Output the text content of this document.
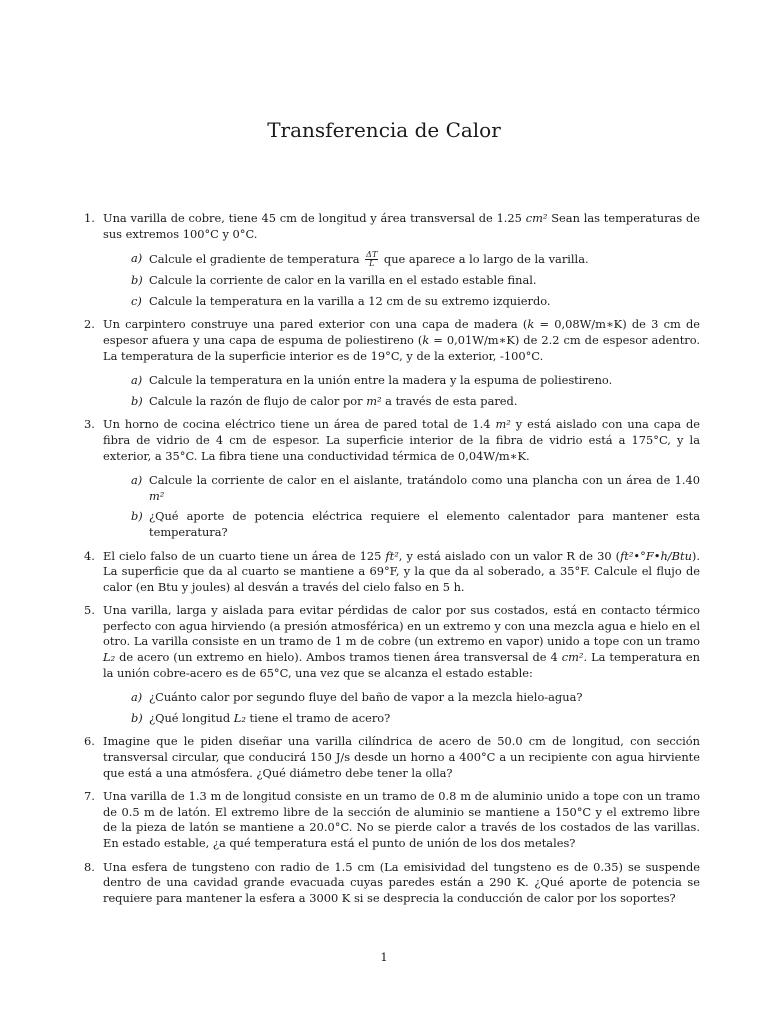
Transferencia de Calor
1. Una varilla de cobre, tiene 45 cm de longitud y área transversal de 1.25 cm² Sean las temperaturas de sus extremos 100°C y 0°C.
a) Calcule el gradiente de temperatura $\frac{\Delta T}{L}$ que aparece a lo largo de la varilla.
b) Calcule la corriente de calor en la varilla en el estado estable final.
c) Calcule la temperatura en la varilla a 12 cm de su extremo izquierdo.
2. Un carpintero construye una pared exterior con una capa de madera (k = 0,08W/m∗K) de 3 cm de espesor afuera y una capa de espuma de poliestireno (k = 0,01W/m∗K) de 2.2 cm de espesor adentro. La temperatura de la superficie interior es de 19°C, y de la exterior, -100°C.
a) Calcule la temperatura en la unión entre la madera y la espuma de poliestireno.
b) Calcule la razón de flujo de calor por m² a través de esta pared.
3. Un horno de cocina eléctrico tiene un área de pared total de 1.4 m² y está aislado con una capa de fibra de vidrio de 4 cm de espesor. La superficie interior de la fibra de vidrio está a 175°C, y la exterior, a 35°C. La fibra tiene una conductividad térmica de 0,04W/m∗K.
a) Calcule la corriente de calor en el aislante, tratándolo como una plancha con un área de 1.40 m²
b) ¿Qué aporte de potencia eléctrica requiere el elemento calentador para mantener esta temperatura?
4. El cielo falso de un cuarto tiene un área de 125 ft², y está aislado con un valor R de 30 (ft²•°F•h/Btu). La superficie que da al cuarto se mantiene a 69°F, y la que da al soberado, a 35°F. Calcule el flujo de calor (en Btu y joules) al desván a través del cielo falso en 5 h.
5. Una varilla, larga y aislada para evitar pérdidas de calor por sus costados, está en contacto térmico perfecto con agua hirviendo (a presión atmosférica) en un extremo y con una mezcla agua e hielo en el otro. La varilla consiste en un tramo de 1 m de cobre (un extremo en vapor) unido a tope con un tramo L₂ de acero (un extremo en hielo). Ambos tramos tienen área transversal de 4 cm². La temperatura en la unión cobre-acero es de 65°C, una vez que se alcanza el estado estable:
a) ¿Cuánto calor por segundo fluye del baño de vapor a la mezcla hielo-agua?
b) ¿Qué longitud L₂ tiene el tramo de acero?
6. Imagine que le piden diseñar una varilla cilíndrica de acero de 50.0 cm de longitud, con sección transversal circular, que conducirá 150 J/s desde un horno a 400°C a un recipiente con agua hirviente que está a una atmósfera. ¿Qué diámetro debe tener la olla?
7. Una varilla de 1.3 m de longitud consiste en un tramo de 0.8 m de aluminio unido a tope con un tramo de 0.5 m de latón. El extremo libre de la sección de aluminio se mantiene a 150°C y el extremo libre de la pieza de latón se mantiene a 20.0°C. No se pierde calor a través de los costados de las varillas. En estado estable, ¿a qué temperatura está el punto de unión de los dos metales?
8. Una esfera de tungsteno con radio de 1.5 cm (La emisividad del tungsteno es de 0.35) se suspende dentro de una cavidad grande evacuada cuyas paredes están a 290 K. ¿Qué aporte de potencia se requiere para mantener la esfera a 3000 K si se desprecia la conducción de calor por los soportes?
1
